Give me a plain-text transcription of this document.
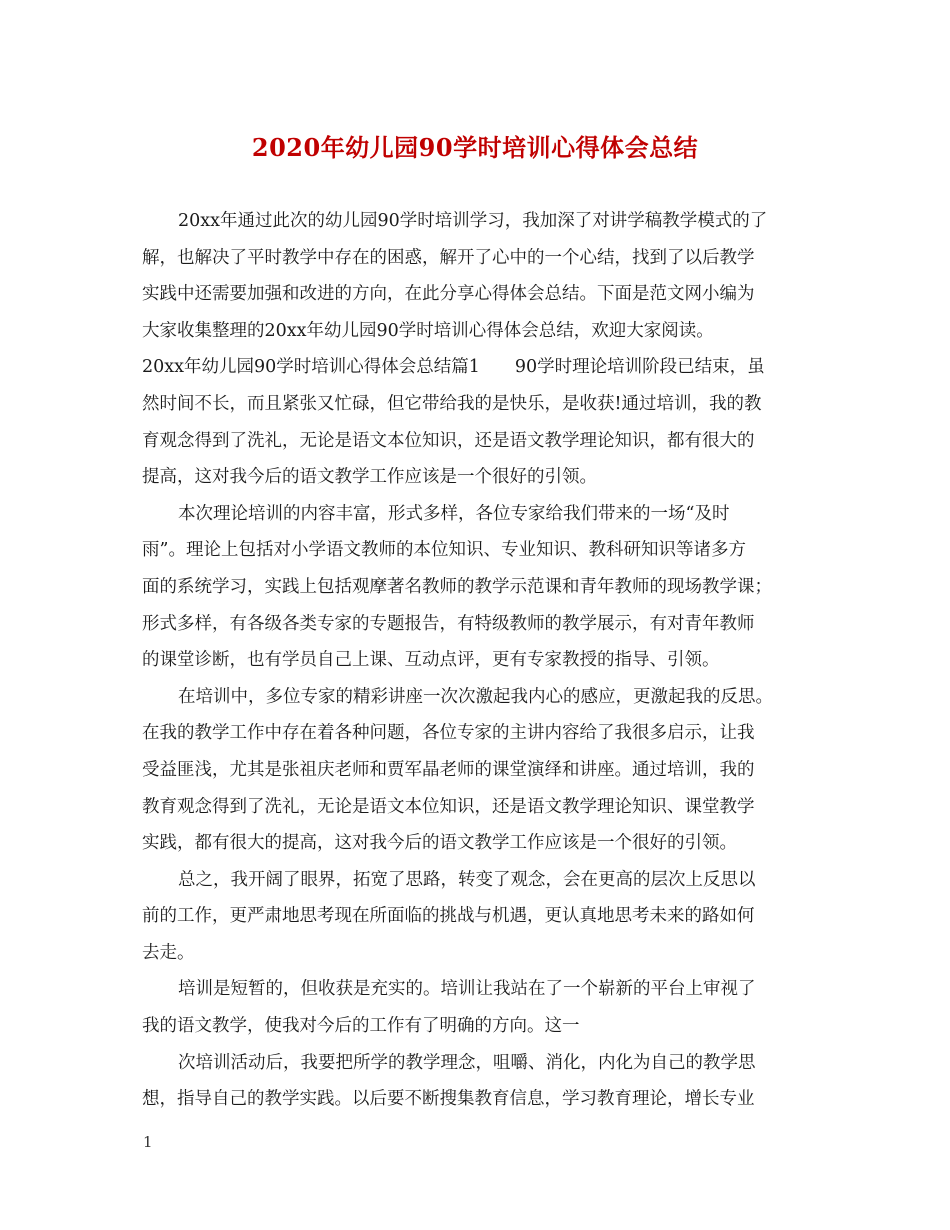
2020年幼儿园90学时培训心得体会总结
20xx年通过此次的幼儿园90学时培训学习，我加深了对讲学稿教学模式的了
解，也解决了平时教学中存在的困惑，解开了心中的一个心结，找到了以后教学
实践中还需要加强和改进的方向，在此分享心得体会总结。下面是范文网小编为
大家收集整理的20xx年幼儿园90学时培训心得体会总结，欢迎大家阅读。
20xx年幼儿园90学时培训心得体会总结篇1　　90学时理论培训阶段已结束，虽
然时间不长，而且紧张又忙碌，但它带给我的是快乐，是收获!通过培训，我的教
育观念得到了洗礼，无论是语文本位知识，还是语文教学理论知识，都有很大的
提高，这对我今后的语文教学工作应该是一个很好的引领。
本次理论培训的内容丰富，形式多样，各位专家给我们带来的一场“及时
雨”。理论上包括对小学语文教师的本位知识、专业知识、教科研知识等诸多方
面的系统学习，实践上包括观摩著名教师的教学示范课和青年教师的现场教学课；
形式多样，有各级各类专家的专题报告，有特级教师的教学展示，有对青年教师
的课堂诊断，也有学员自己上课、互动点评，更有专家教授的指导、引领。
在培训中，多位专家的精彩讲座一次次激起我内心的感应，更激起我的反思。
在我的教学工作中存在着各种问题，各位专家的主讲内容给了我很多启示，让我
受益匪浅，尤其是张祖庆老师和贾军晶老师的课堂演绎和讲座。通过培训，我的
教育观念得到了洗礼，无论是语文本位知识，还是语文教学理论知识、课堂教学
实践，都有很大的提高，这对我今后的语文教学工作应该是一个很好的引领。
总之，我开阔了眼界，拓宽了思路，转变了观念，会在更高的层次上反思以
前的工作，更严肃地思考现在所面临的挑战与机遇，更认真地思考未来的路如何
去走。
培训是短暂的，但收获是充实的。培训让我站在了一个崭新的平台上审视了
我的语文教学，使我对今后的工作有了明确的方向。这一
次培训活动后，我要把所学的教学理念，咀嚼、消化，内化为自己的教学思
想，指导自己的教学实践。以后要不断搜集教育信息，学习教育理论，增长专业
1
